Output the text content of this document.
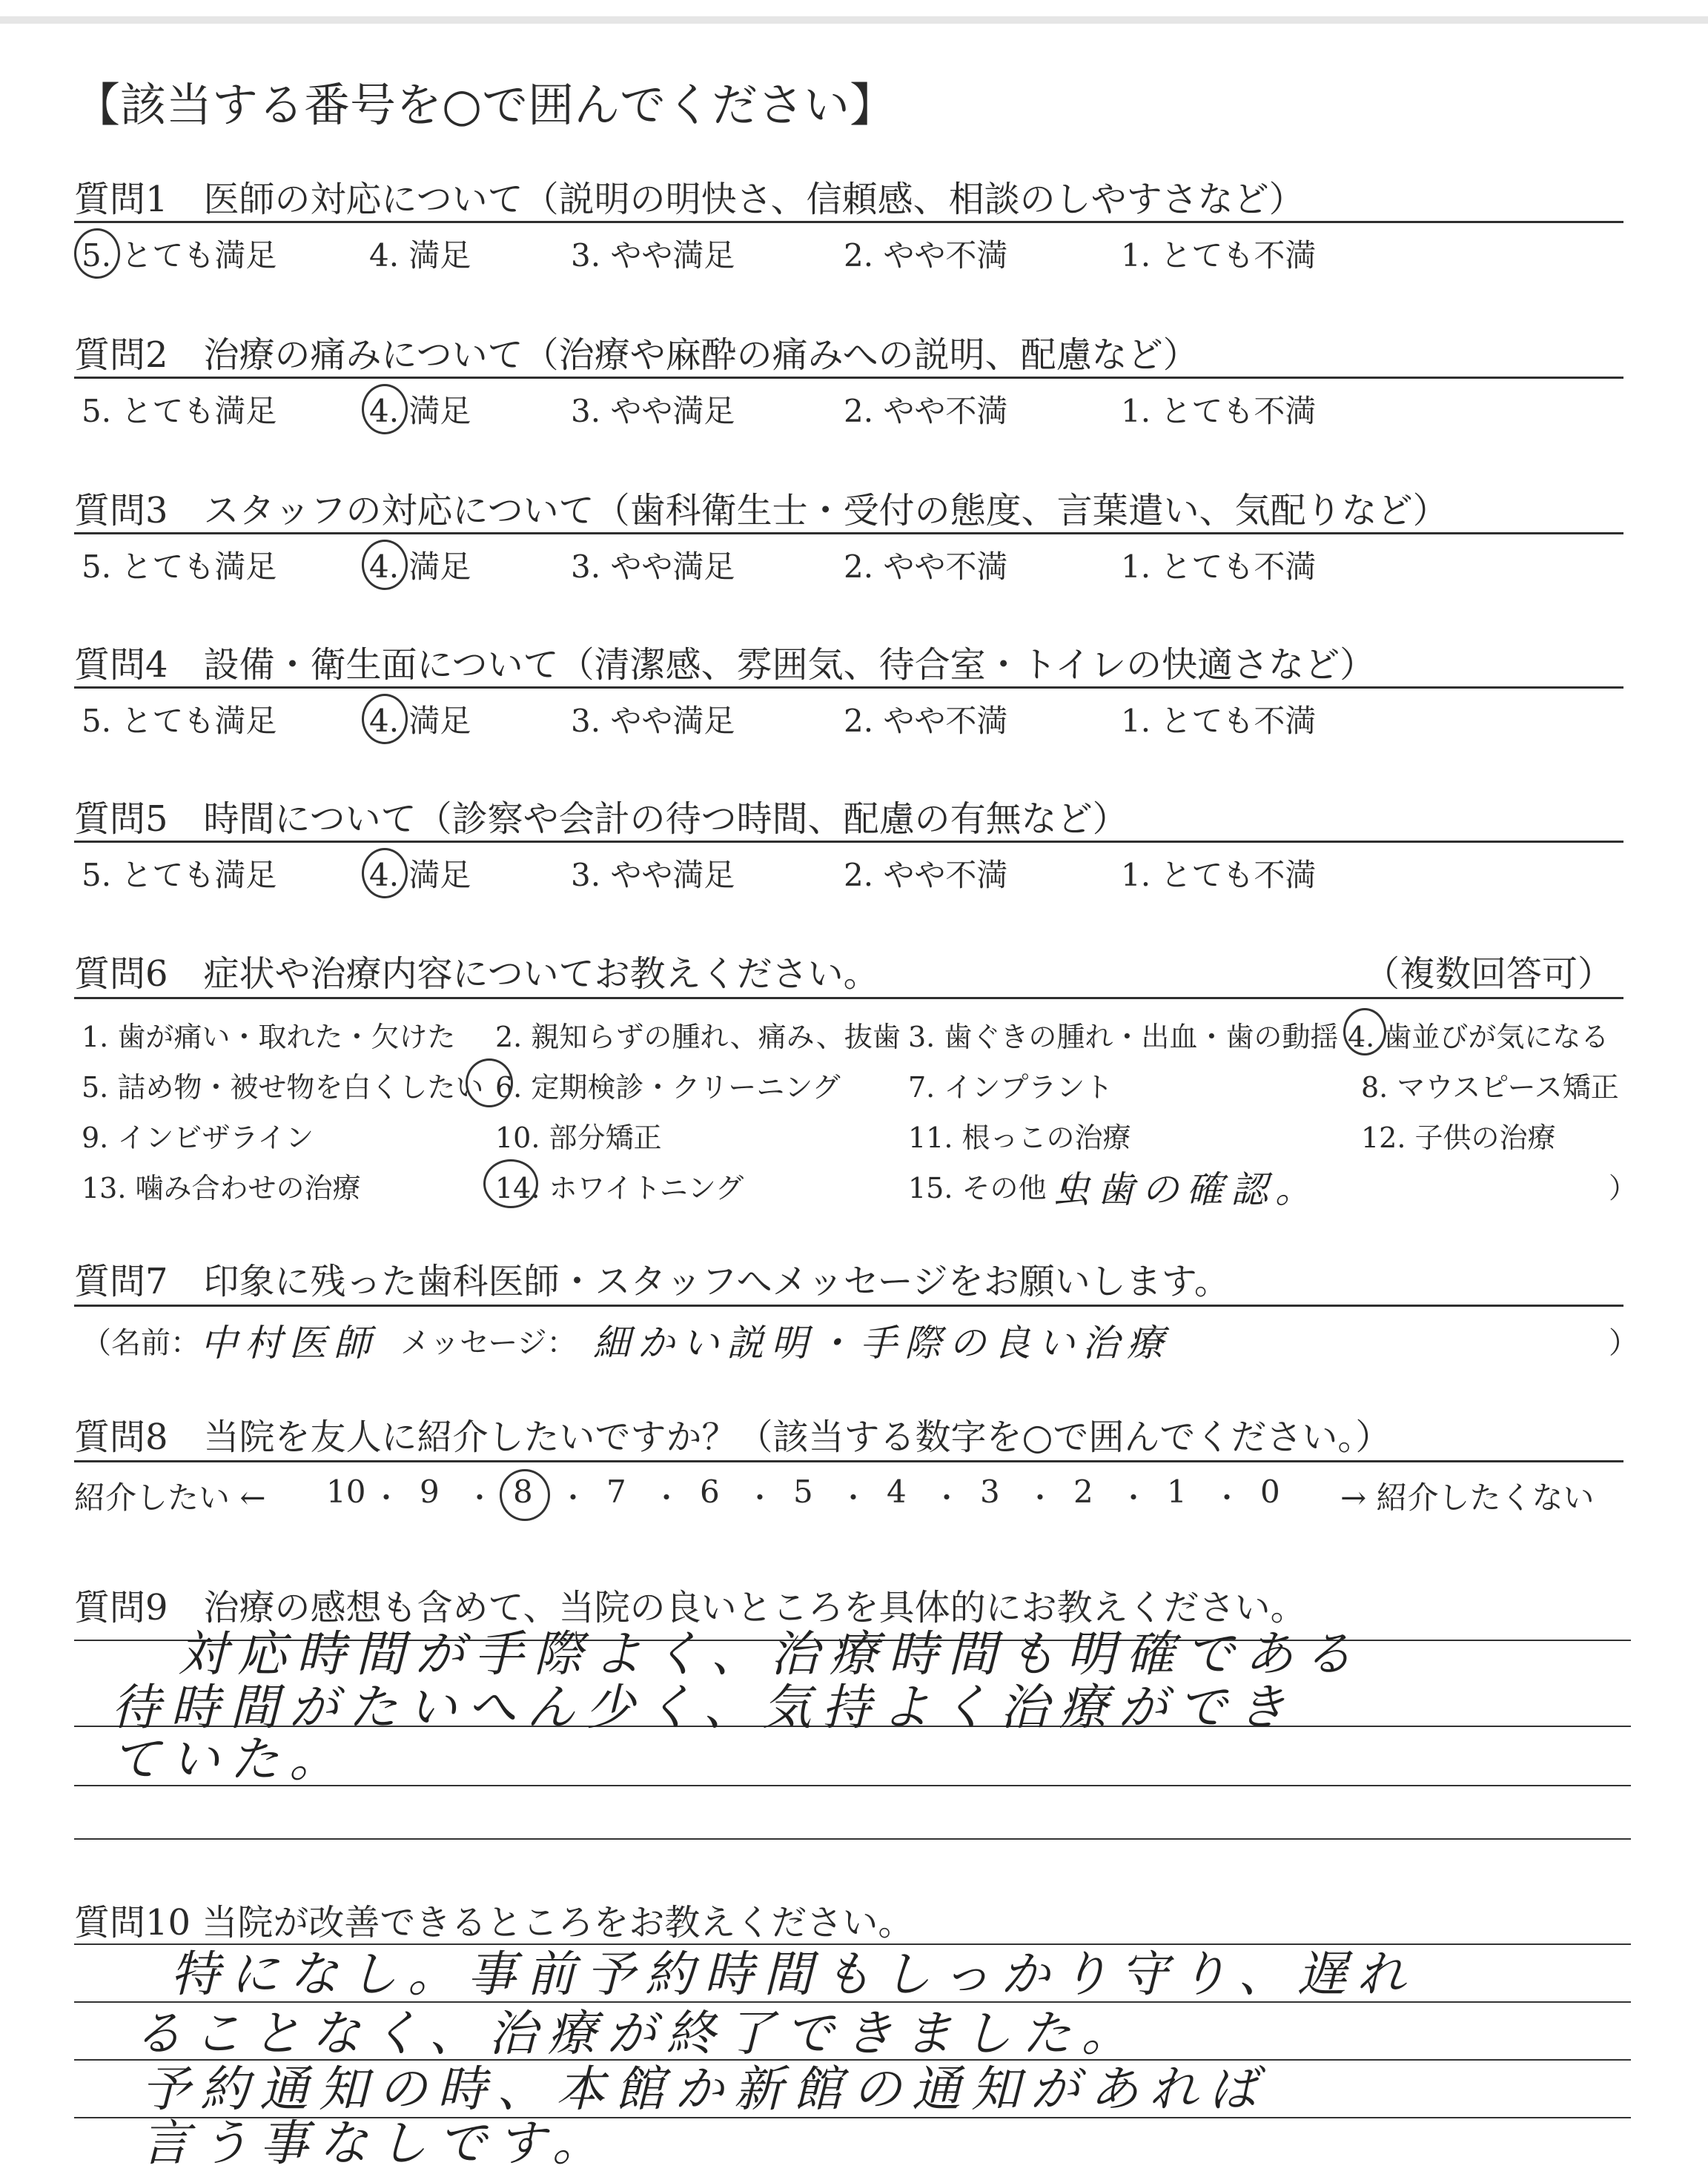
【該当する番号を○で囲んでください】
質問1　医師の対応について（説明の明快さ、信頼感、相談のしやすさなど）
5. とても満足	4. 満足	3. やや満足	2. やや不満	1. とても不満
質問2　治療の痛みについて（治療や麻酔の痛みへの説明、配慮など）
5. とても満足	4. 満足	3. やや満足	2. やや不満	1. とても不満
質問3　スタッフの対応について（歯科衛生士・受付の態度、言葉遣い、気配りなど）
5. とても満足	4. 満足	3. やや満足	2. やや不満	1. とても不満
質問4　設備・衛生面について（清潔感、雰囲気、待合室・トイレの快適さなど）
5. とても満足	4. 満足	3. やや満足	2. やや不満	1. とても不満
質問5　時間について（診察や会計の待つ時間、配慮の有無など）
5. とても満足	4. 満足	3. やや満足	2. やや不満	1. とても不満
質問6　症状や治療内容についてお教えください。	（複数回答可）
1. 歯が痛い・取れた・欠けた 2. 親知らずの腫れ、痛み、抜歯 3. 歯ぐきの腫れ・出血・歯の動揺 4. 歯並びが気になる
5. 詰め物・被せ物を白くしたい 6. 定期検診・クリーニング 7. インプラント	8. マウスピース矯正
9. インビザライン	10. 部分矯正	11. 根っこの治療	12. 子供の治療
13. 噛み合わせの治療	14. ホワイトニング	15. その他（
虫歯の確認。	）
質問7　印象に残った歯科医師・スタッフへメッセージをお願いします。
（名前： 中村医師 メッセージ： 細かい説明・手際の良い治療	）
質問8　当院を友人に紹介したいですか？（該当する数字を○で囲んでください。）
紹介したい ← 10 ・ 9 ・ 8 ・ 7 ・ 6 ・ 5 ・ 4 ・ 3 ・ 2 ・ 1 ・ 0 → 紹介したくない
質問9　治療の感想も含めて、当院の良いところを具体的にお教えください。
対応時間が手際よく、治療時間も明確である
待時間がたいへん少く、気持よく治療ができ
ていた。
質問10 当院が改善できるところをお教えください。
特になし。事前予約時間もしっかり守り、遅れ
ることなく、治療が終了できました。
予約通知の時、本館か新館の通知があれば
言う事なしです。
